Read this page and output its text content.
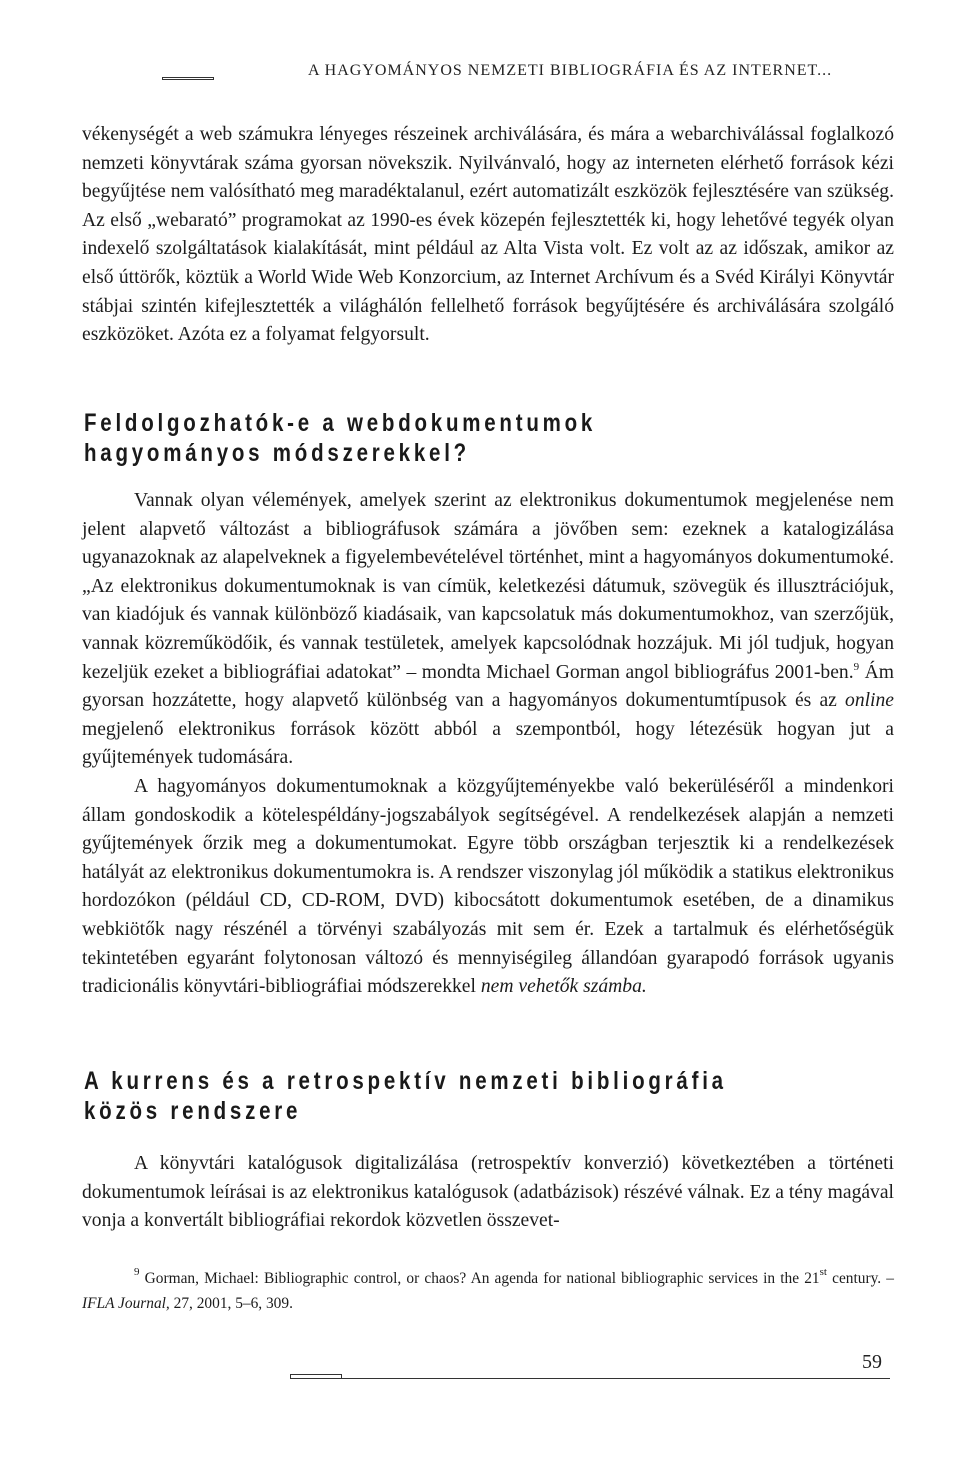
A HAGYOMÁNYOS NEMZETI BIBLIOGRÁFIA ÉS AZ INTERNET...

vékenységét a web számukra lényeges részeinek archiválására, és mára a webarchiválással foglalkozó nemzeti könyvtárak száma gyorsan növekszik. Nyilvánvaló, hogy az interneten elérhető források kézi begyűjtése nem valósítható meg maradéktalanul, ezért automatizált eszközök fejlesztésére van szükség. Az első „webarató” programokat az 1990-es évek közepén fejlesztették ki, hogy lehetővé tegyék olyan indexelő szolgáltatások kialakítását, mint például az Alta Vista volt. Ez volt az az időszak, amikor az első úttörők, köztük a World Wide Web Konzorcium, az Internet Archívum és a Svéd Királyi Könyvtár stábjai szintén kifejlesztették a világhálón fellelhető források begyűjtésére és archiválására szolgáló eszközöket. Azóta ez a folyamat felgyorsult.

Feldolgozhatók-e a webdokumentumok
hagyományos módszerekkel?

Vannak olyan vélemények, amelyek szerint az elektronikus dokumentumok megjelenése nem jelent alapvető változást a bibliográfusok számára a jövőben sem: ezeknek a katalogizálása ugyanazoknak az alapelveknek a figyelembevételével történhet, mint a hagyományos dokumentumoké. „Az elektronikus dokumentumoknak is van címük, keletkezési dátumuk, szövegük és illusztrációjuk, van kiadójuk és vannak különböző kiadásaik, van kapcsolatuk más dokumentumokhoz, van szerzőjük, vannak közreműködőik, és vannak testületek, amelyek kapcsolódnak hozzájuk. Mi jól tudjuk, hogyan kezeljük ezeket a bibliográfiai adatokat” – mondta Michael Gorman angol bibliográfus 2001-ben.$^9$ Ám gyorsan hozzátette, hogy alapvető különbség van a hagyományos dokumentumtípusok és az online megjelenő elektronikus források között abból a szempontból, hogy létezésük hogyan jut a gyűjtemények tudomására.

A hagyományos dokumentumoknak a közgyűjteményekbe való bekerüléséről a mindenkori állam gondoskodik a kötelespéldány-jogszabályok segítségével. A rendelkezések alapján a nemzeti gyűjtemények őrzik meg a dokumentumokat. Egyre több országban terjesztik ki a rendelkezések hatályát az elektronikus dokumentumokra is. A rendszer viszonylag jól működik a statikus elektronikus hordozókon (például CD, CD-ROM, DVD) kibocsátott dokumentumok esetében, de a dinamikus webkiötők nagy részénél a törvényi szabályozás mit sem ér. Ezek a tartalmuk és elérhetőségük tekintetében egyaránt folytonosan változó és mennyiségileg állandóan gyarapodó források ugyanis tradicionális könyvtári-bibliográfiai módszerekkel nem vehetők számba.

A kurrens és a retrospektív nemzeti bibliográfia
közös rendszere

A könyvtári katalógusok digitalizálása (retrospektív konverzió) következtében a történeti dokumentumok leírásai is az elektronikus katalógusok (adatbázisok) részévé válnak. Ez a tény magával vonja a konvertált bibliográfiai rekordok közvetlen összevet-

$^9$ Gorman, Michael: Bibliographic control, or chaos? An agenda for national bibliographic services in the 21st century. – IFLA Journal, 27, 2001, 5–6, 309.
59
